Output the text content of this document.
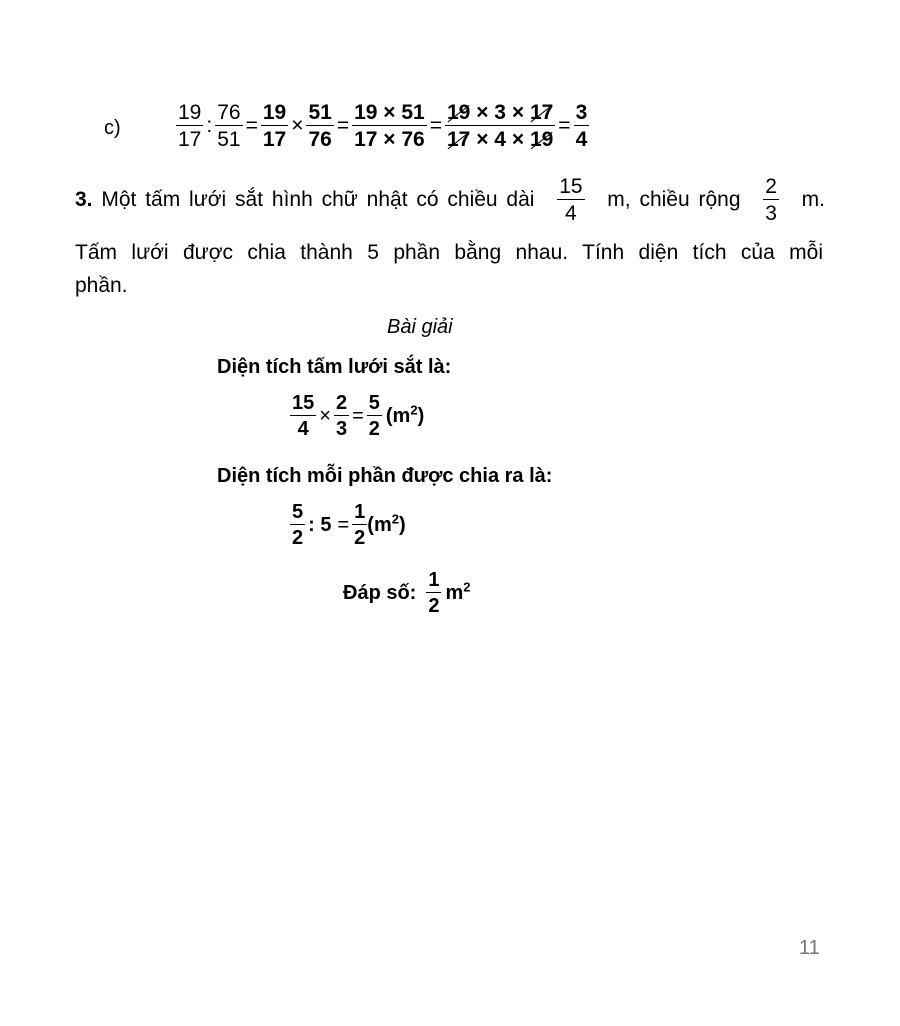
c)	$\frac{19}{17}$ : $\frac{76}{51} = \frac{19}{17} \times \frac{51}{76} = \frac{19 \times 51}{17 \times 76} = \frac{19 \times 3 \times 17}{17 \times 4 \times 19} = \frac{3}{4}$
3. Một tấm lưới sắt hình chữ nhật có chiều dài $\frac{15}{4} m$, chiều rộng $\frac{2}{3} m$.
Tấm lưới được chia thành 5 phần bằng nhau. Tính diện tích của mỗi phần.
Bài giải
Diện tích tấm lưới sắt là:
$\frac{15}{4} \times \frac{2}{3} = \frac{5}{2} (m^2)$
Diện tích mỗi phần được chia ra là:
$\frac{5}{2}$ : $5 = \frac{1}{2} (m^2)$
Đáp số: $\frac{1}{2} m^2$
11
